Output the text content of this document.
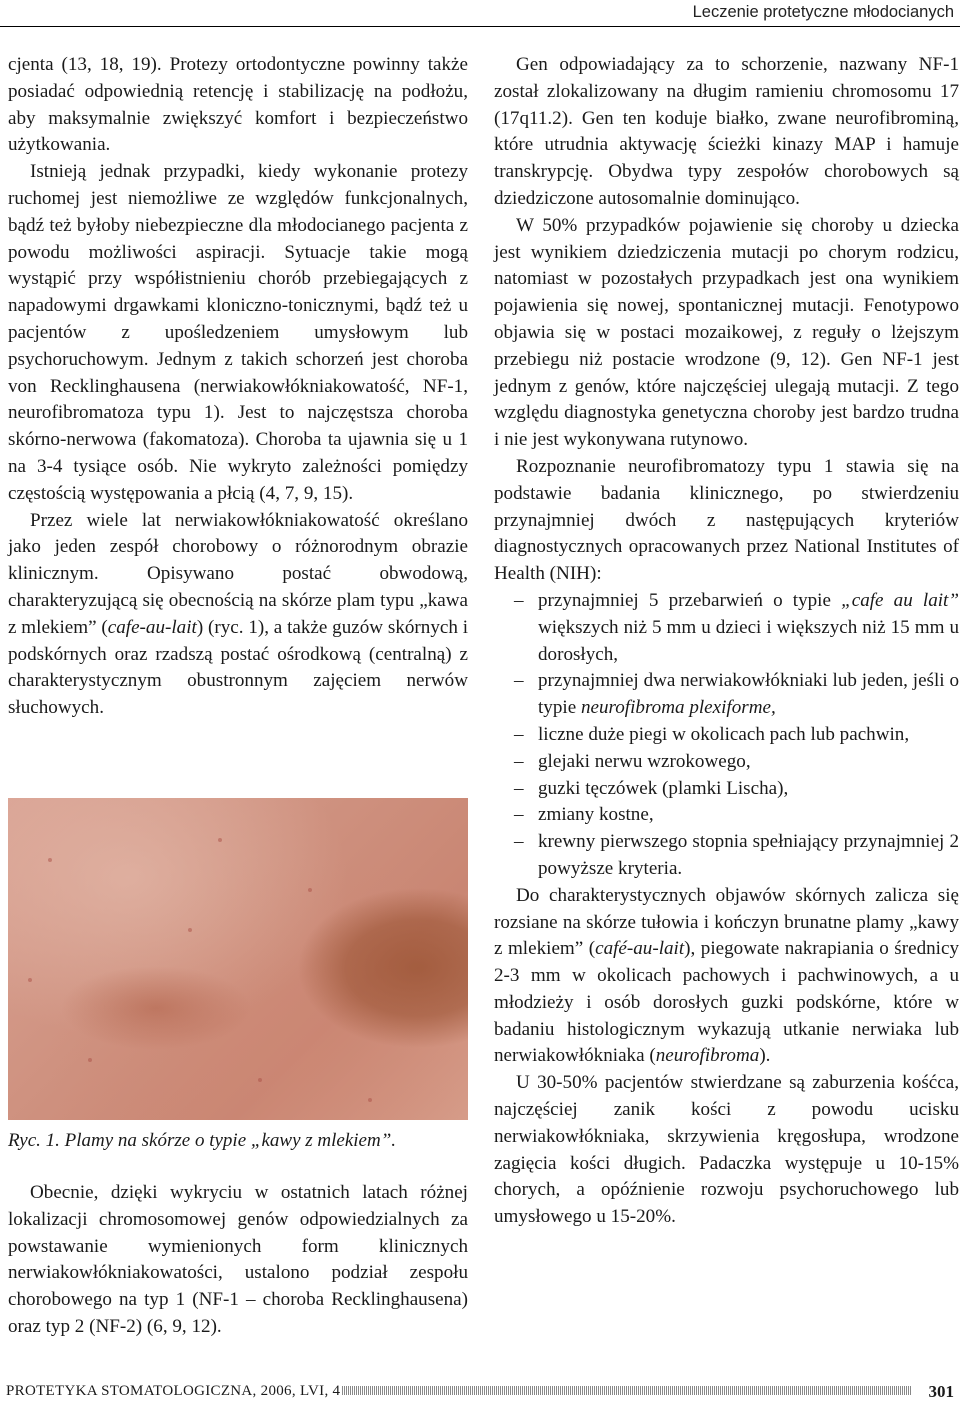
Leczenie protetyczne młodocianych

cjenta (13, 18, 19). Protezy ortodontyczne powinny także posiadać odpowiednią retencję i stabilizację na podłożu, aby maksymalnie zwiększyć komfort i bezpieczeństwo użytkowania.

Istnieją jednak przypadki, kiedy wykonanie protezy ruchomej jest niemożliwe ze względów funkcjonalnych, bądź też byłoby niebezpieczne dla młodocianego pacjenta z powodu możliwości aspiracji. Sytuacje takie mogą wystąpić przy współistnieniu chorób przebiegających z napadowymi drgawkami kloniczno-tonicznymi, bądź też u pacjentów z upośledzeniem umysłowym lub psychoruchowym. Jednym z takich schorzeń jest choroba von Recklinghausena (nerwiakowłókniakowatość, NF-1, neurofibromatoza typu 1). Jest to najczęstsza choroba skórno-nerwowa (fakomatoza). Choroba ta ujawnia się u 1 na 3-4 tysiące osób. Nie wykryto zależności pomiędzy częstością występowania a płcią (4, 7, 9, 15).

Przez wiele lat nerwiakowłókniakowatość określano jako jeden zespół chorobowy o różnorodnym obrazie klinicznym. Opisywano postać obwodową, charakteryzującą się obecnością na skórze plam typu „kawa z mlekiem” (cafe-au-lait) (ryc. 1), a także guzów skórnych i podskórnych oraz rzadszą postać ośrodkową (centralną) z charakterystycznym obustronnym zajęciem nerwów słuchowych.

Ryc. 1. Plamy na skórze o typie „kawy z mlekiem”.

Obecnie, dzięki wykryciu w ostatnich latach różnej lokalizacji chromosomowej genów odpowiedzialnych za powstawanie wymienionych form klinicznych nerwiakowłókniakowatości, ustalono podział zespołu chorobowego na typ 1 (NF-1 – choroba Recklinghausena) oraz typ 2 (NF-2) (6, 9, 12).

Gen odpowiadający za to schorzenie, nazwany NF-1 został zlokalizowany na długim ramieniu chromosomu 17 (17q11.2). Gen ten koduje białko, zwane neurofibrominą, które utrudnia aktywację ścieżki kinazy MAP i hamuje transkrypcję. Obydwa typy zespołów chorobowych są dziedziczone autosomalnie dominująco.

W 50% przypadków pojawienie się choroby u dziecka jest wynikiem dziedziczenia mutacji po chorym rodzicu, natomiast w pozostałych przypadkach jest ona wynikiem pojawienia się nowej, spontanicznej mutacji. Fenotypowo objawia się w postaci mozaikowej, z reguły o lżejszym przebiegu niż postacie wrodzone (9, 12). Gen NF-1 jest jednym z genów, które najczęściej ulegają mutacji. Z tego względu diagnostyka genetyczna choroby jest bardzo trudna i nie jest wykonywana rutynowo.

Rozpoznanie neurofibromatozy typu 1 stawia się na podstawie badania klinicznego, po stwierdzeniu przynajmniej dwóch z następujących kryteriów diagnostycznych opracowanych przez National Institutes of Health (NIH):

– przynajmniej 5 przebarwień o typie „cafe au lait” większych niż 5 mm u dzieci i większych niż 15 mm u dorosłych,
– przynajmniej dwa nerwiakowłókniaki lub jeden, jeśli o typie neurofibroma plexiforme,
– liczne duże piegi w okolicach pach lub pachwin,
– glejaki nerwu wzrokowego,
– guzki tęczówek (plamki Lischa),
– zmiany kostne,
– krewny pierwszego stopnia spełniający przynajmniej 2 powyższe kryteria.

Do charakterystycznych objawów skórnych zalicza się rozsiane na skórze tułowia i kończyn brunatne plamy „kawy z mlekiem” (café-au-lait), piegowate nakrapiania o średnicy 2-3 mm w okolicach pachowych i pachwinowych, a u młodzieży i osób dorosłych guzki podskórne, które w badaniu histologicznym wykazują utkanie nerwiaka lub nerwiakowłókniaka (neurofibroma).

U 30-50% pacjentów stwierdzane są zaburzenia kośćca, najczęściej zanik kości z powodu ucisku nerwiakowłókniaka, skrzywienia kręgosłupa, wrodzone zagięcia kości długich. Padaczka występuje u 10-15% chorych, a opóźnienie rozwoju psychoruchowego lub umysłowego u 15-20%.

PROTETYKA STOMATOLOGICZNA, 2006, LVI, 4	301
